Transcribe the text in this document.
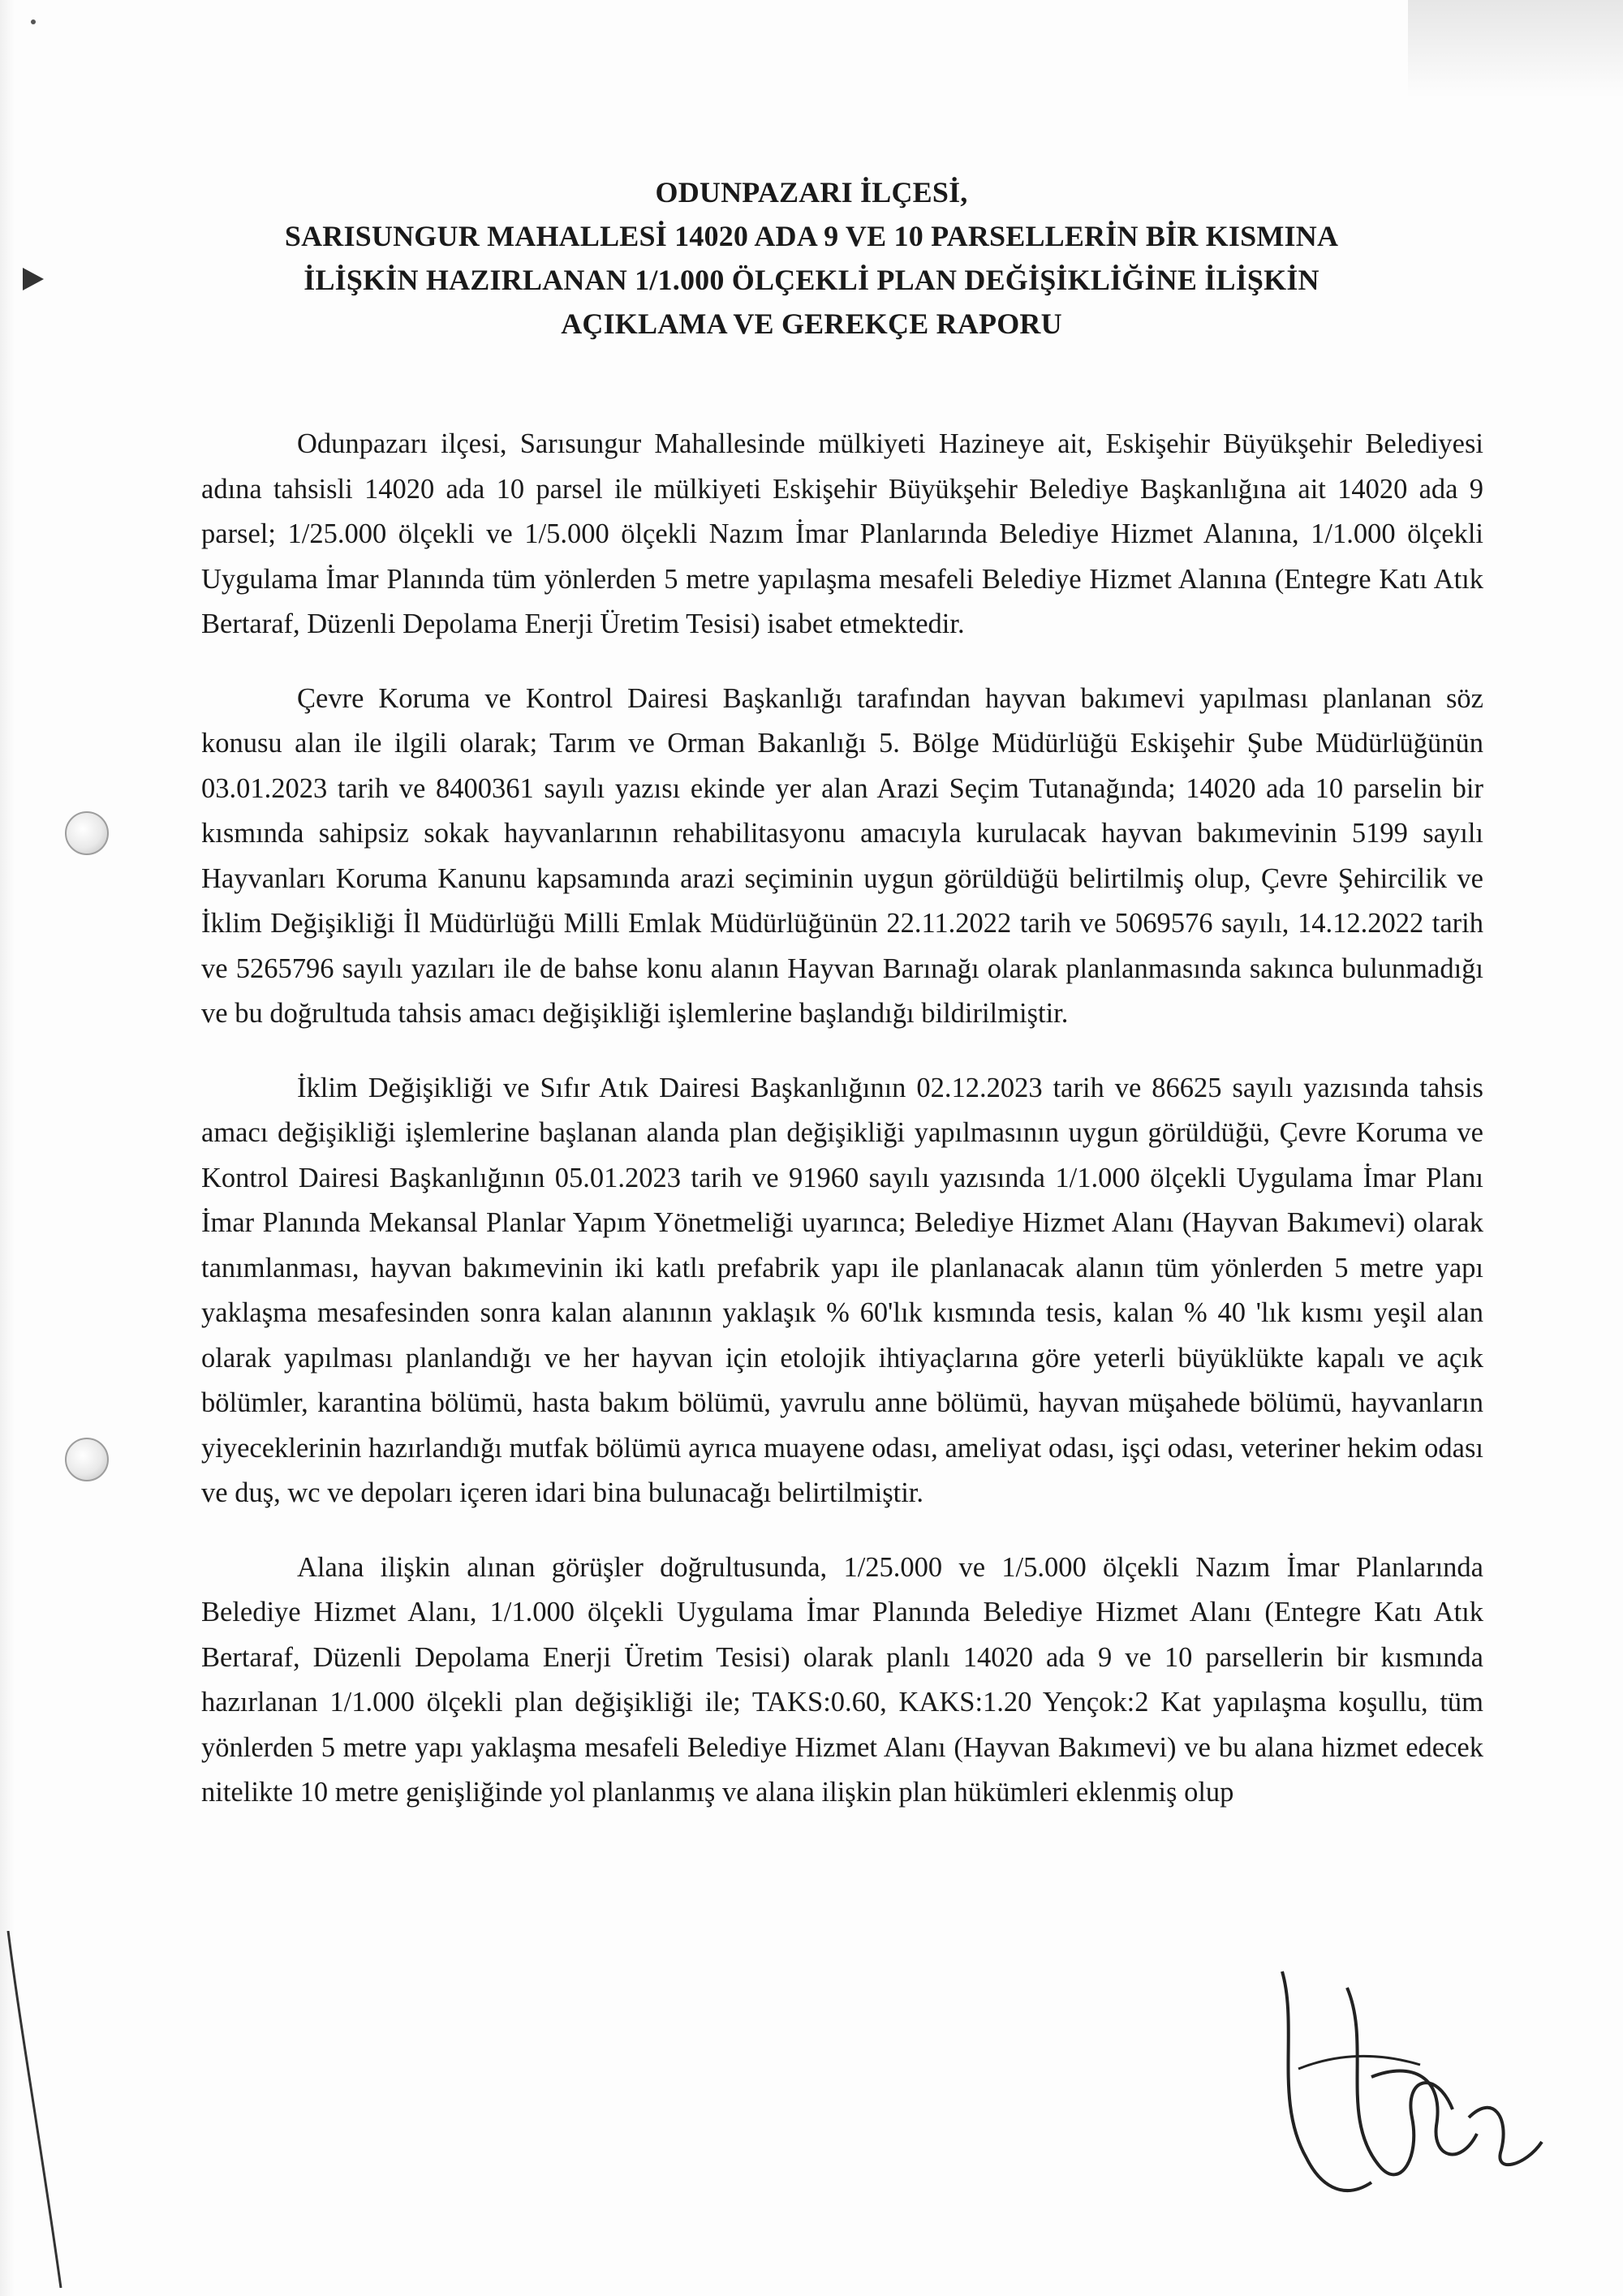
ODUNPAZARI İLÇESİ,
SARISUNGUR MAHALLESİ 14020 ADA 9 VE 10 PARSELLERİN BİR KISMINA
İLİŞKİN HAZIRLANAN 1/1.000 ÖLÇEKLİ PLAN DEĞİŞİKLİĞİNE İLİŞKİN
AÇIKLAMA VE GEREKÇE RAPORU

Odunpazarı ilçesi, Sarısungur Mahallesinde mülkiyeti Hazineye ait, Eskişehir Büyükşehir Belediyesi adına tahsisli 14020 ada 10 parsel ile mülkiyeti Eskişehir Büyükşehir Belediye Başkanlığına ait 14020 ada 9 parsel; 1/25.000 ölçekli ve 1/5.000 ölçekli Nazım İmar Planlarında Belediye Hizmet Alanına, 1/1.000 ölçekli Uygulama İmar Planında tüm yönlerden 5 metre yapılaşma mesafeli Belediye Hizmet Alanına (Entegre Katı Atık Bertaraf, Düzenli Depolama Enerji Üretim Tesisi) isabet etmektedir.

Çevre Koruma ve Kontrol Dairesi Başkanlığı tarafından hayvan bakımevi yapılması planlanan söz konusu alan ile ilgili olarak; Tarım ve Orman Bakanlığı 5. Bölge Müdürlüğü Eskişehir Şube Müdürlüğünün 03.01.2023 tarih ve 8400361 sayılı yazısı ekinde yer alan Arazi Seçim Tutanağında; 14020 ada 10 parselin bir kısmında sahipsiz sokak hayvanlarının rehabilitasyonu amacıyla kurulacak hayvan bakımevinin 5199 sayılı Hayvanları Koruma Kanunu kapsamında arazi seçiminin uygun görüldüğü belirtilmiş olup, Çevre Şehircilik ve İklim Değişikliği İl Müdürlüğü Milli Emlak Müdürlüğünün 22.11.2022 tarih ve 5069576 sayılı, 14.12.2022 tarih ve 5265796 sayılı yazıları ile de bahse konu alanın Hayvan Barınağı olarak planlanmasında sakınca bulunmadığı ve bu doğrultuda tahsis amacı değişikliği işlemlerine başlandığı bildirilmiştir.

İklim Değişikliği ve Sıfır Atık Dairesi Başkanlığının 02.12.2023 tarih ve 86625 sayılı yazısında tahsis amacı değişikliği işlemlerine başlanan alanda plan değişikliği yapılmasının uygun görüldüğü, Çevre Koruma ve Kontrol Dairesi Başkanlığının 05.01.2023 tarih ve 91960 sayılı yazısında 1/1.000 ölçekli Uygulama İmar Planı İmar Planında Mekansal Planlar Yapım Yönetmeliği uyarınca; Belediye Hizmet Alanı (Hayvan Bakımevi) olarak tanımlanması, hayvan bakımevinin iki katlı prefabrik yapı ile planlanacak alanın tüm yönlerden 5 metre yapı yaklaşma mesafesinden sonra kalan alanının yaklaşık % 60'lık kısmında tesis, kalan % 40 'lık kısmı yeşil alan olarak yapılması planlandığı ve her hayvan için etolojik ihtiyaçlarına göre yeterli büyüklükte kapalı ve açık bölümler, karantina bölümü, hasta bakım bölümü, yavrulu anne bölümü, hayvan müşahede bölümü, hayvanların yiyeceklerinin hazırlandığı mutfak bölümü ayrıca muayene odası, ameliyat odası, işçi odası, veteriner hekim odası ve duş, wc ve depoları içeren idari bina bulunacağı belirtilmiştir.

Alana ilişkin alınan görüşler doğrultusunda, 1/25.000 ve 1/5.000 ölçekli Nazım İmar Planlarında Belediye Hizmet Alanı, 1/1.000 ölçekli Uygulama İmar Planında Belediye Hizmet Alanı (Entegre Katı Atık Bertaraf, Düzenli Depolama Enerji Üretim Tesisi) olarak planlı 14020 ada 9 ve 10 parsellerin bir kısmında hazırlanan 1/1.000 ölçekli plan değişikliği ile; TAKS:0.60, KAKS:1.20 Yençok:2 Kat yapılaşma koşullu, tüm yönlerden 5 metre yapı yaklaşma mesafeli Belediye Hizmet Alanı (Hayvan Bakımevi) ve bu alana hizmet edecek nitelikte 10 metre genişliğinde yol planlanmış ve alana ilişkin plan hükümleri eklenmiş olup
